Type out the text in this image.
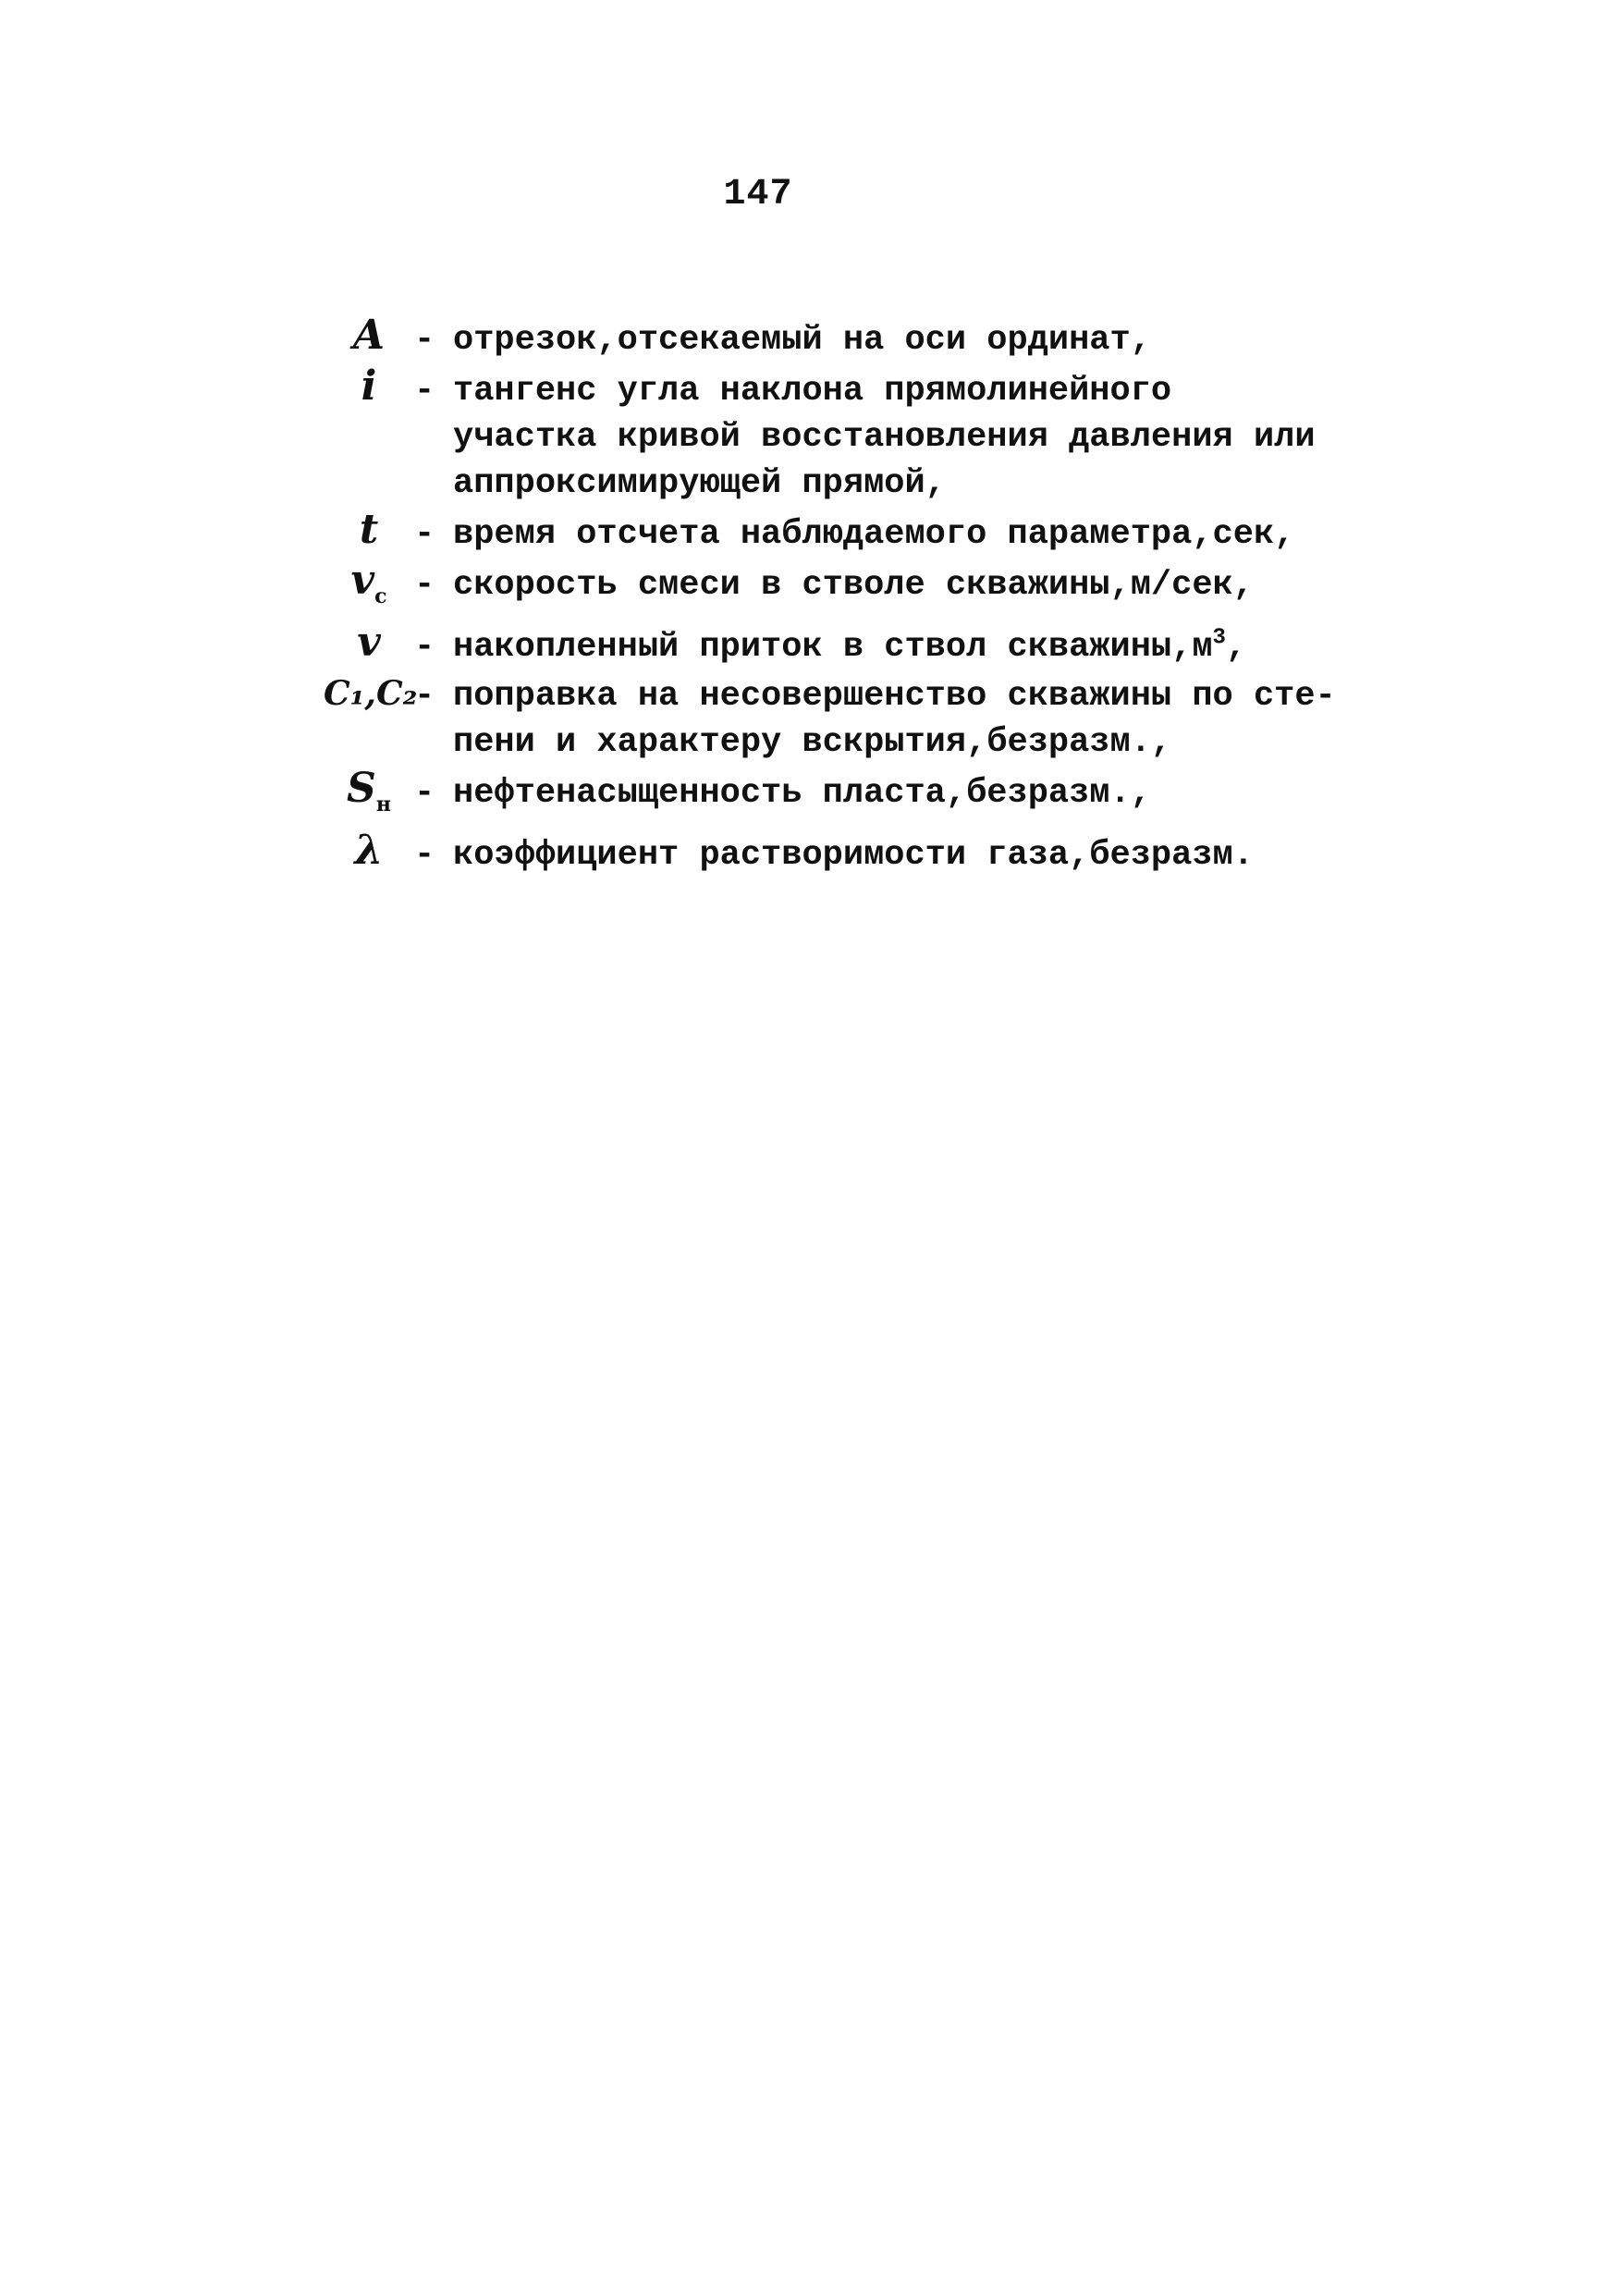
147
A - отрезок,отсекаемый на оси ординат,
i	- тангенс угла наклона прямолинейного
участка кривой восстановления давления или
аппроксимирующей прямой,
t	- время отсчета наблюдаемого параметра,сек,
$v_c$ - скорость смеси в стволе скважины,м/сек,
v - накопленный приток в ствол $скважины,м^3$,
C₁,C₂
- поправка на несовершенство скважины по сте-
пени и характеру вскрытия,безразм.,
$S_н$ - нефтенасыщенность пласта,безразм.,
λ - коэффициент растворимости газа,безразм.
